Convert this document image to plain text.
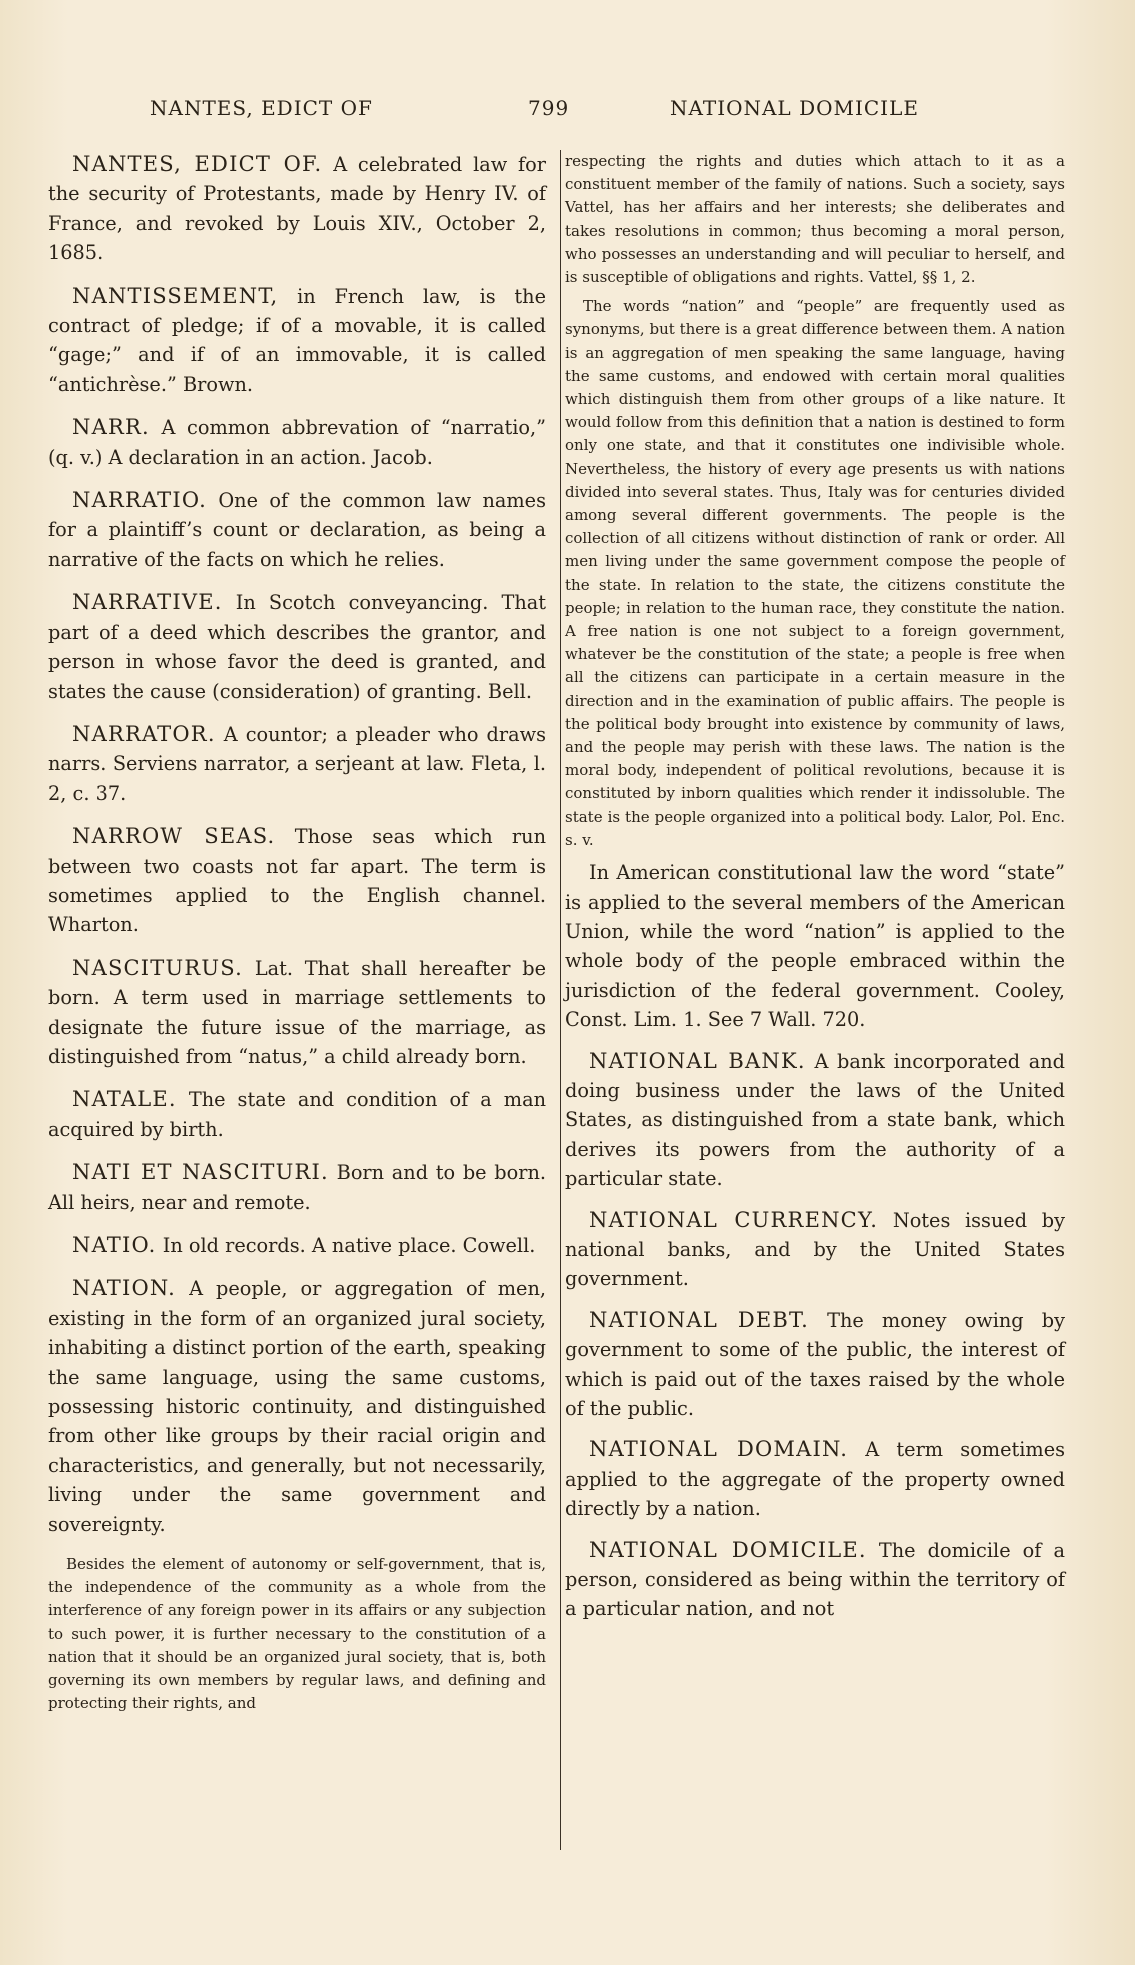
NANTES, EDICT OF	799	NATIONAL DOMICILE

NANTES, EDICT OF. A celebrated law for the security of Protestants, made by Henry IV. of France, and revoked by Louis XIV., October 2, 1685.

NANTISSEMENT, in French law, is the contract of pledge; if of a movable, it is called “gage;” and if of an immovable, it is called “antichrèse.” Brown.

NARR. A common abbrevation of “narratio,” (q. v.) A declaration in an action. Jacob.

NARRATIO. One of the common law names for a plaintiff’s count or declaration, as being a narrative of the facts on which he relies.

NARRATIVE. In Scotch conveyancing. That part of a deed which describes the grantor, and person in whose favor the deed is granted, and states the cause (consideration) of granting. Bell.

NARRATOR. A countor; a pleader who draws narrs. Serviens narrator, a serjeant at law. Fleta, l. 2, c. 37.

NARROW SEAS. Those seas which run between two coasts not far apart. The term is sometimes applied to the English channel. Wharton.

NASCITURUS. Lat. That shall hereafter be born. A term used in marriage settlements to designate the future issue of the marriage, as distinguished from “natus,” a child already born.

NATALE. The state and condition of a man acquired by birth.

NATI ET NASCITURI. Born and to be born. All heirs, near and remote.

NATIO. In old records. A native place. Cowell.

NATION. A people, or aggregation of men, existing in the form of an organized jural society, inhabiting a distinct portion of the earth, speaking the same language, using the same customs, possessing historic continuity, and distinguished from other like groups by their racial origin and characteristics, and generally, but not necessarily, living under the same government and sovereignty.

Besides the element of autonomy or self-government, that is, the independence of the community as a whole from the interference of any foreign power in its affairs or any subjection to such power, it is further necessary to the constitution of a nation that it should be an organized jural society, that is, both governing its own members by regular laws, and defining and protecting their rights, and

respecting the rights and duties which attach to it as a constituent member of the family of nations. Such a society, says Vattel, has her affairs and her interests; she deliberates and takes resolutions in common; thus becoming a moral person, who possesses an understanding and will peculiar to herself, and is susceptible of obligations and rights. Vattel, §§ 1, 2.

The words “nation” and “people” are frequently used as synonyms, but there is a great difference between them. A nation is an aggregation of men speaking the same language, having the same customs, and endowed with certain moral qualities which distinguish them from other groups of a like nature. It would follow from this definition that a nation is destined to form only one state, and that it constitutes one indivisible whole. Nevertheless, the history of every age presents us with nations divided into several states. Thus, Italy was for centuries divided among several different governments. The people is the collection of all citizens without distinction of rank or order. All men living under the same government compose the people of the state. In relation to the state, the citizens constitute the people; in relation to the human race, they constitute the nation. A free nation is one not subject to a foreign government, whatever be the constitution of the state; a people is free when all the citizens can participate in a certain measure in the direction and in the examination of public affairs. The people is the political body brought into existence by community of laws, and the people may perish with these laws. The nation is the moral body, independent of political revolutions, because it is constituted by inborn qualities which render it indissoluble. The state is the people organized into a political body. Lalor, Pol. Enc. s. v.

In American constitutional law the word “state” is applied to the several members of the American Union, while the word “nation” is applied to the whole body of the people embraced within the jurisdiction of the federal government. Cooley, Const. Lim. 1. See 7 Wall. 720.

NATIONAL BANK. A bank incorporated and doing business under the laws of the United States, as distinguished from a state bank, which derives its powers from the authority of a particular state.

NATIONAL CURRENCY. Notes issued by national banks, and by the United States government.

NATIONAL DEBT. The money owing by government to some of the public, the interest of which is paid out of the taxes raised by the whole of the public.

NATIONAL DOMAIN. A term sometimes applied to the aggregate of the property owned directly by a nation.

NATIONAL DOMICILE. The domicile of a person, considered as being within the territory of a particular nation, and not
